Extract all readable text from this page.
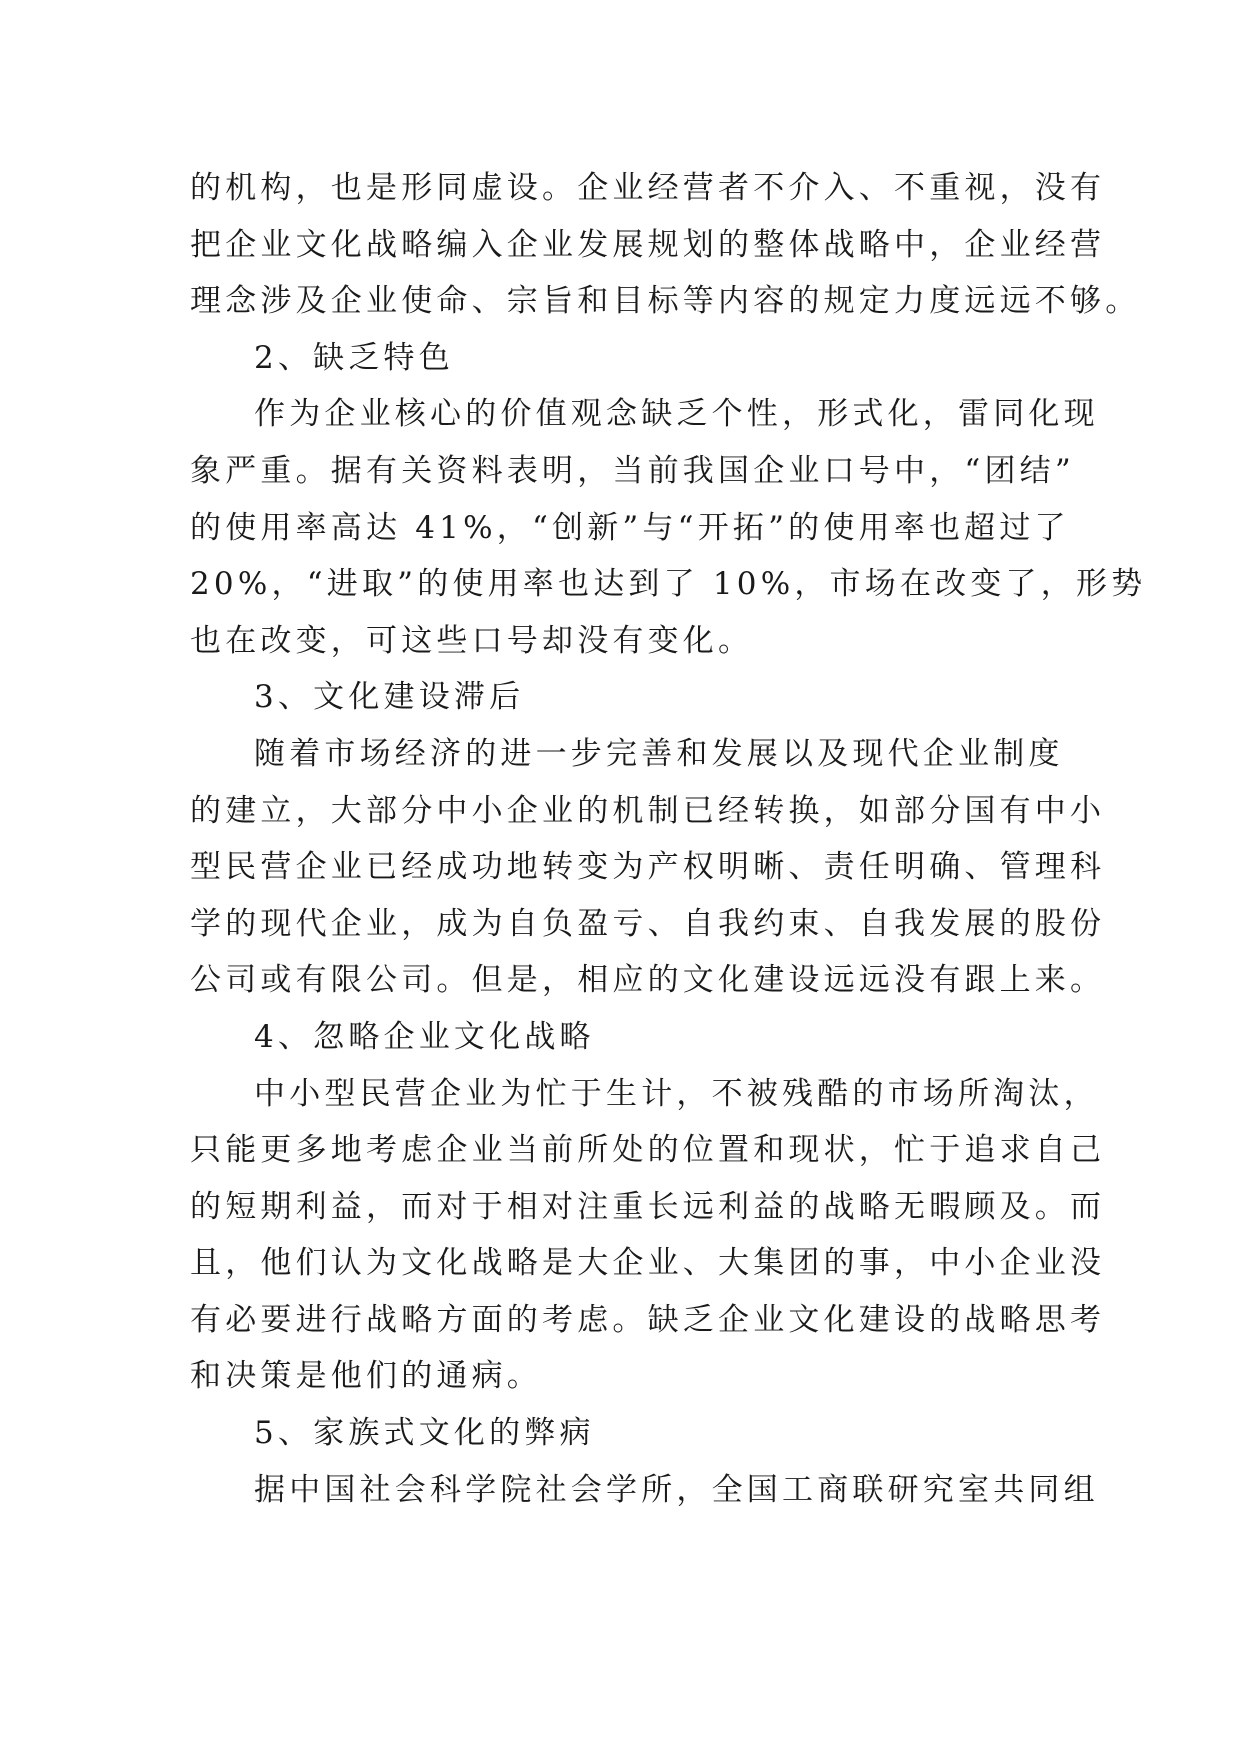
的机构，也是形同虚设。企业经营者不介入、不重视，没有
把企业文化战略编入企业发展规划的整体战略中，企业经营
理念涉及企业使命、宗旨和目标等内容的规定力度远远不够。
2、缺乏特色
作为企业核心的价值观念缺乏个性，形式化，雷同化现
象严重。据有关资料表明，当前我国企业口号中，“团结”
的使用率高达 41%，“创新”与“开拓”的使用率也超过了
20%，“进取”的使用率也达到了 10%，市场在改变了，形势
也在改变，可这些口号却没有变化。
3、文化建设滞后
随着市场经济的进一步完善和发展以及现代企业制度
的建立，大部分中小企业的机制已经转换，如部分国有中小
型民营企业已经成功地转变为产权明晰、责任明确、管理科
学的现代企业，成为自负盈亏、自我约束、自我发展的股份
公司或有限公司。但是，相应的文化建设远远没有跟上来。
4、忽略企业文化战略
中小型民营企业为忙于生计，不被残酷的市场所淘汰，
只能更多地考虑企业当前所处的位置和现状，忙于追求自己
的短期利益，而对于相对注重长远利益的战略无暇顾及。而
且，他们认为文化战略是大企业、大集团的事，中小企业没
有必要进行战略方面的考虑。缺乏企业文化建设的战略思考
和决策是他们的通病。
5、家族式文化的弊病
据中国社会科学院社会学所，全国工商联研究室共同组
